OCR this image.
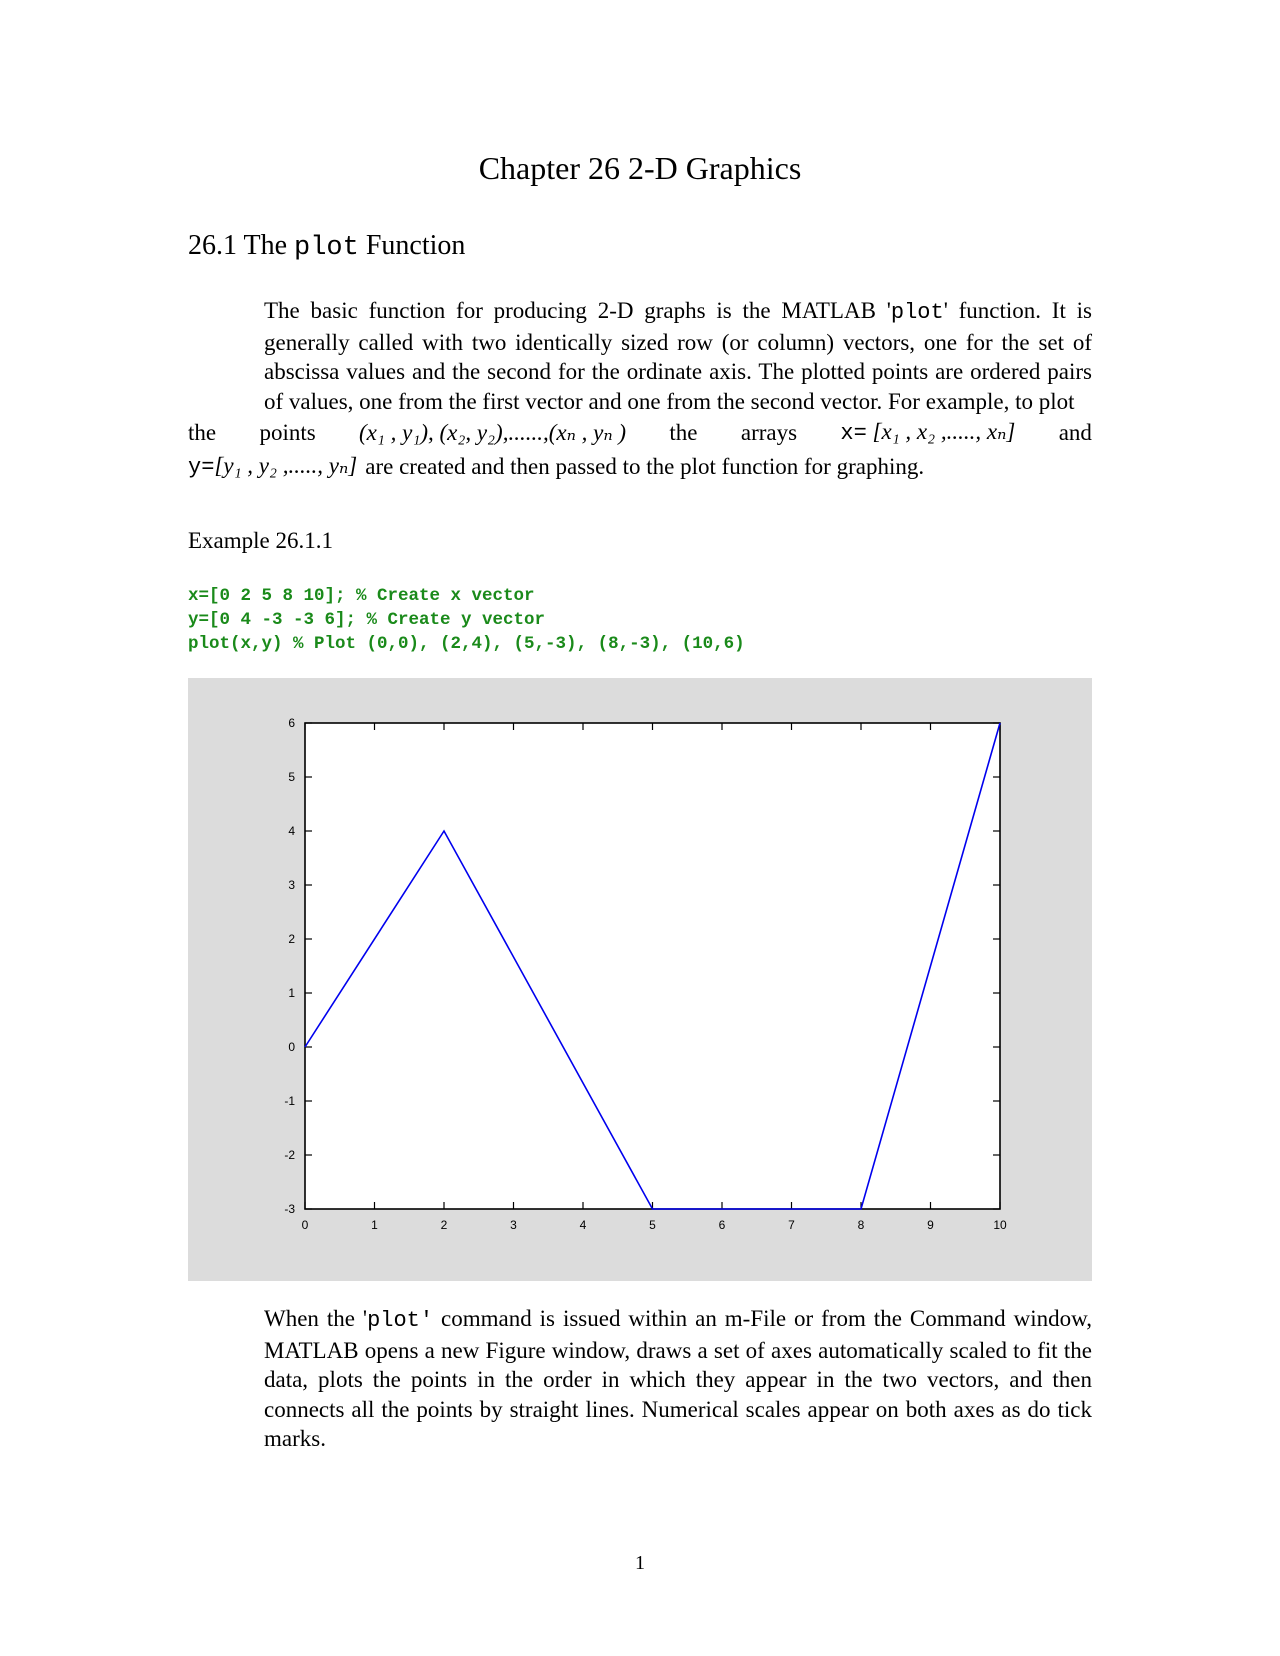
Chapter 26 2-D Graphics
26.1 The plot Function
The basic function for producing 2-D graphs is the MATLAB 'plot' function. It is generally called with two identically sized row (or column) vectors, one for the set of abscissa values and the second for the ordinate axis. The plotted points are ordered pairs of values, one from the first vector and one from the second vector. For example, to plot
the points (x₁ , y₁), (x₂, y₂),......,(xₙ , yₙ ) the arrays x= [x₁ , x₂ ,....., xₙ] and
y=[y₁ , y₂ ,....., yₙ] are created and then passed to the plot function for graphing.
Example 26.1.1
x=[0 2 5 8 10]; % Create x vector
y=[0 4 -3 -3 6]; % Create y vector
plot(x,y) % Plot (0,0), (2,4), (5,-3), (8,-3), (10,6)
0	1	2	3	4	5	6	7	8	9	10
6
5
4
3
2
1
0
-1
-2
-3
When the 'plot' command is issued within an m-File or from the Command window, MATLAB opens a new Figure window, draws a set of axes automatically scaled to fit the data, plots the points in the order in which they appear in the two vectors, and then connects all the points by straight lines. Numerical scales appear on both axes as do tick marks.
1
